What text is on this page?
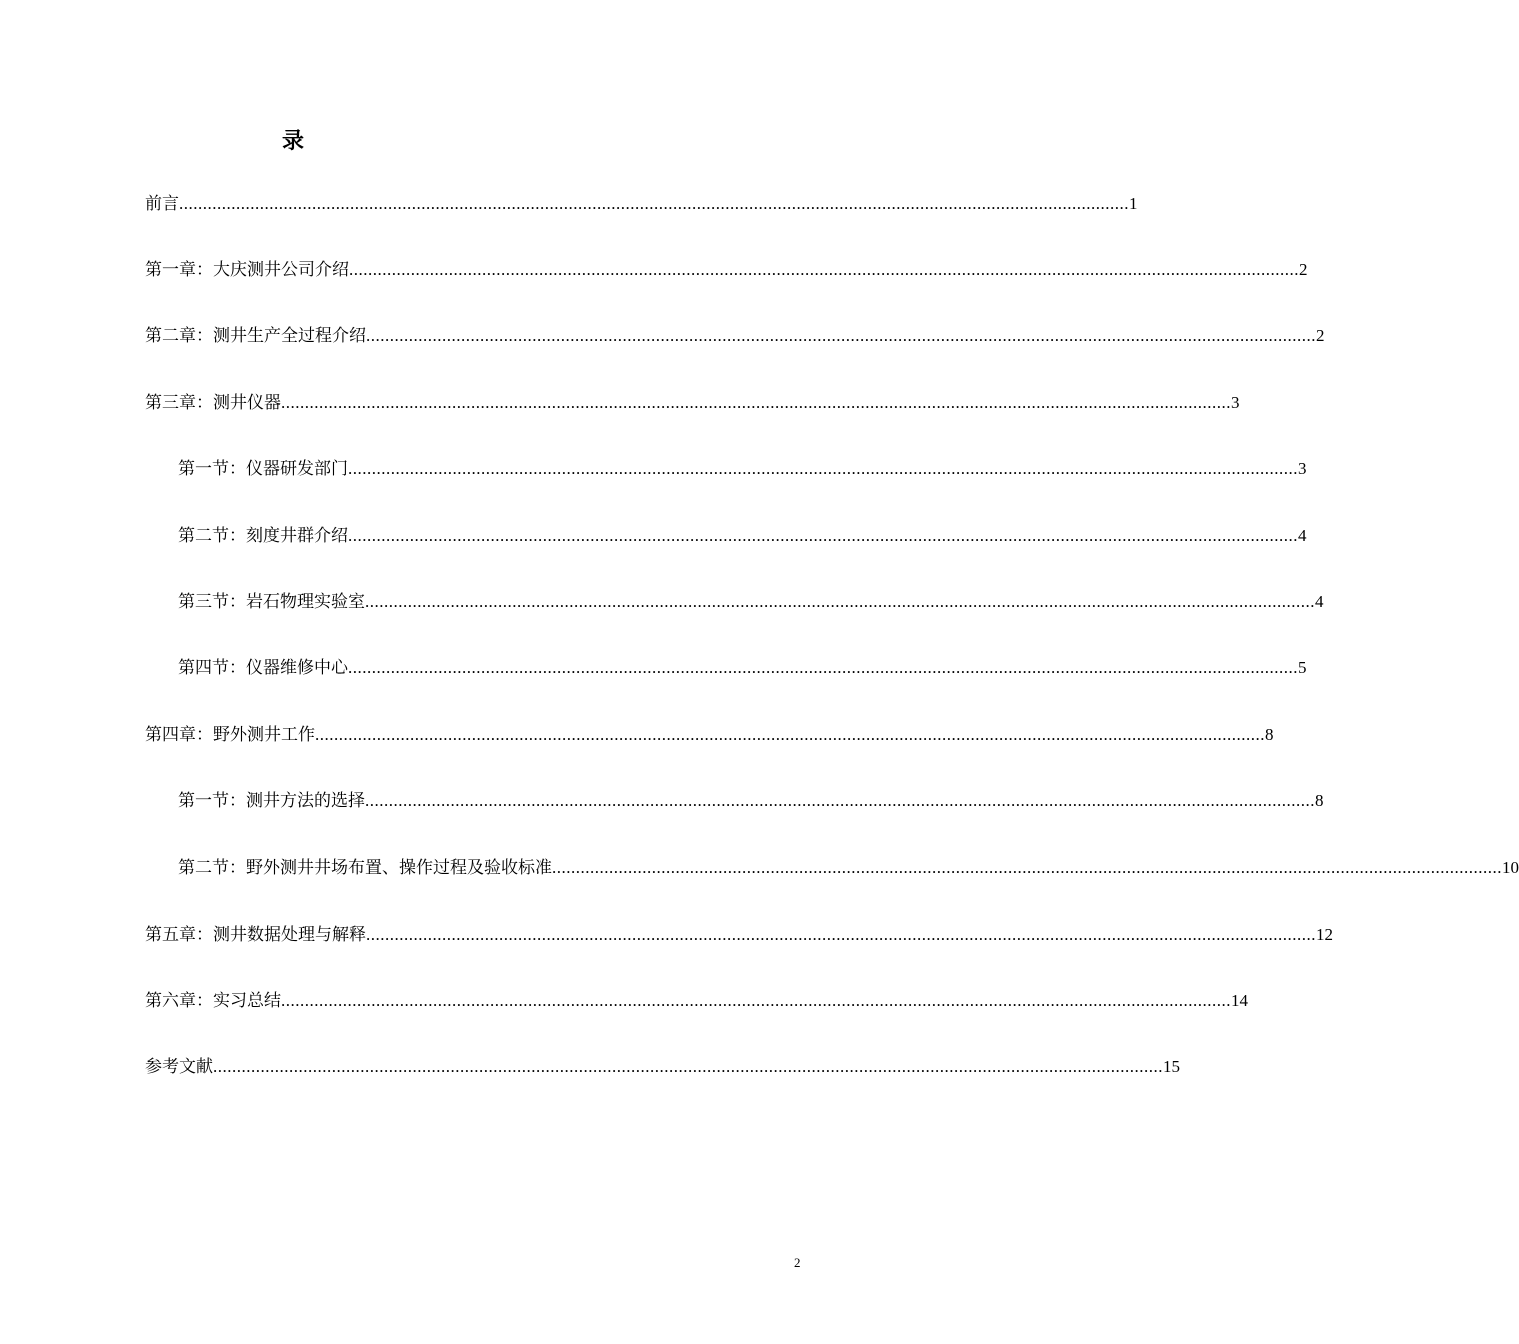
录
前言 ........................................................................................................................................................................................................ 1
第一章：大庆测井公司介绍 ........................................................................................................................................................................................................ 2
第二章：测井生产全过程介绍 ........................................................................................................................................................................................................ 2
第三章：测井仪器 ........................................................................................................................................................................................................ 3
第一节：仪器研发部门 ........................................................................................................................................................................................................ 3
第二节：刻度井群介绍 ........................................................................................................................................................................................................ 4
第三节：岩石物理实验室 ........................................................................................................................................................................................................ 4
第四节：仪器维修中心 ........................................................................................................................................................................................................ 5
第四章：野外测井工作 ........................................................................................................................................................................................................ 8
第一节：测井方法的选择 ........................................................................................................................................................................................................ 8
第二节：野外测井井场布置、操作过程及验收标准 ........................................................................................................................................................................................................ 10
第五章：测井数据处理与解释 ........................................................................................................................................................................................................ 12
第六章：实习总结 ........................................................................................................................................................................................................ 14
参考文献 ........................................................................................................................................................................................................ 15
2
